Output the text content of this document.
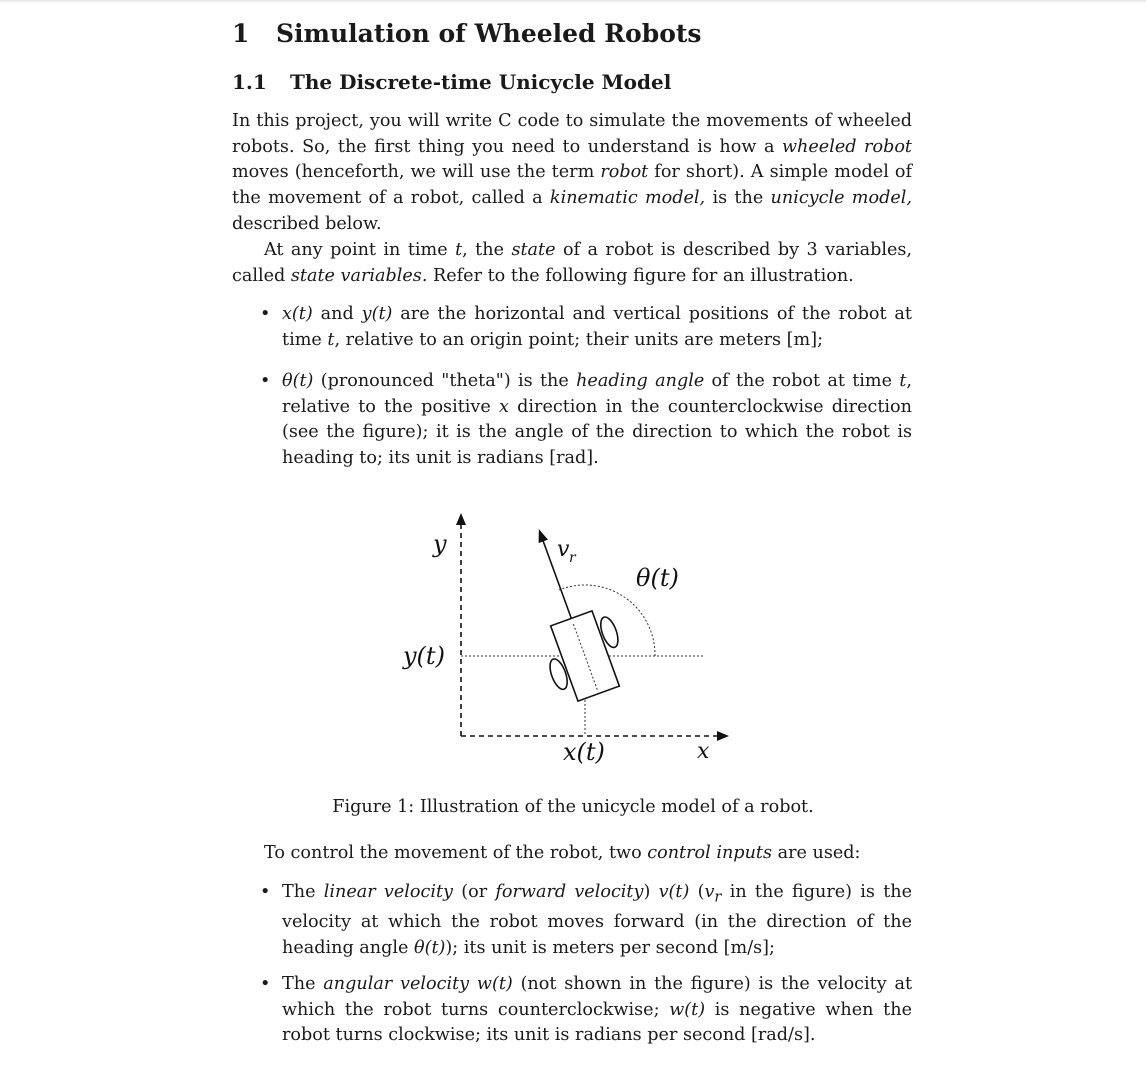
1 Simulation of Wheeled Robots
1.1 The Discrete-time Unicycle Model

In this project, you will write C code to simulate the movements of wheeled robots. So, the first thing you need to understand is how a wheeled robot moves (henceforth, we will use the term robot for short). A simple model of the movement of a robot, called a kinematic model, is the unicycle model, described below.

At any point in time t, the state of a robot is described by 3 variables, called state variables. Refer to the following figure for an illustration.

• x(t) and y(t) are the horizontal and vertical positions of the robot at time t, relative to an origin point; their units are meters [m];

• θ(t) (pronounced "theta") is the heading angle of the robot at time t, relative to the positive x direction in the counterclockwise direction (see the figure); it is the angle of the direction to which the robot is heading to; its unit is radians [rad].

To control the movement of the robot, two control inputs are used:

• The linear velocity (or forward velocity) v(t) ($v_r$ in the figure) is the velocity at which the robot moves forward (in the direction of the heading angle θ(t)); its unit is meters per second [m/s];

• The angular velocity w(t) (not shown in the figure) is the velocity at which the robot turns counterclockwise; w(t) is negative when the robot turns clockwise; its unit is radians per second [rad/s].

y
y(t)
x(t)	x
v r
θ(t)
Figure 1: Illustration of the unicycle model of a robot.
